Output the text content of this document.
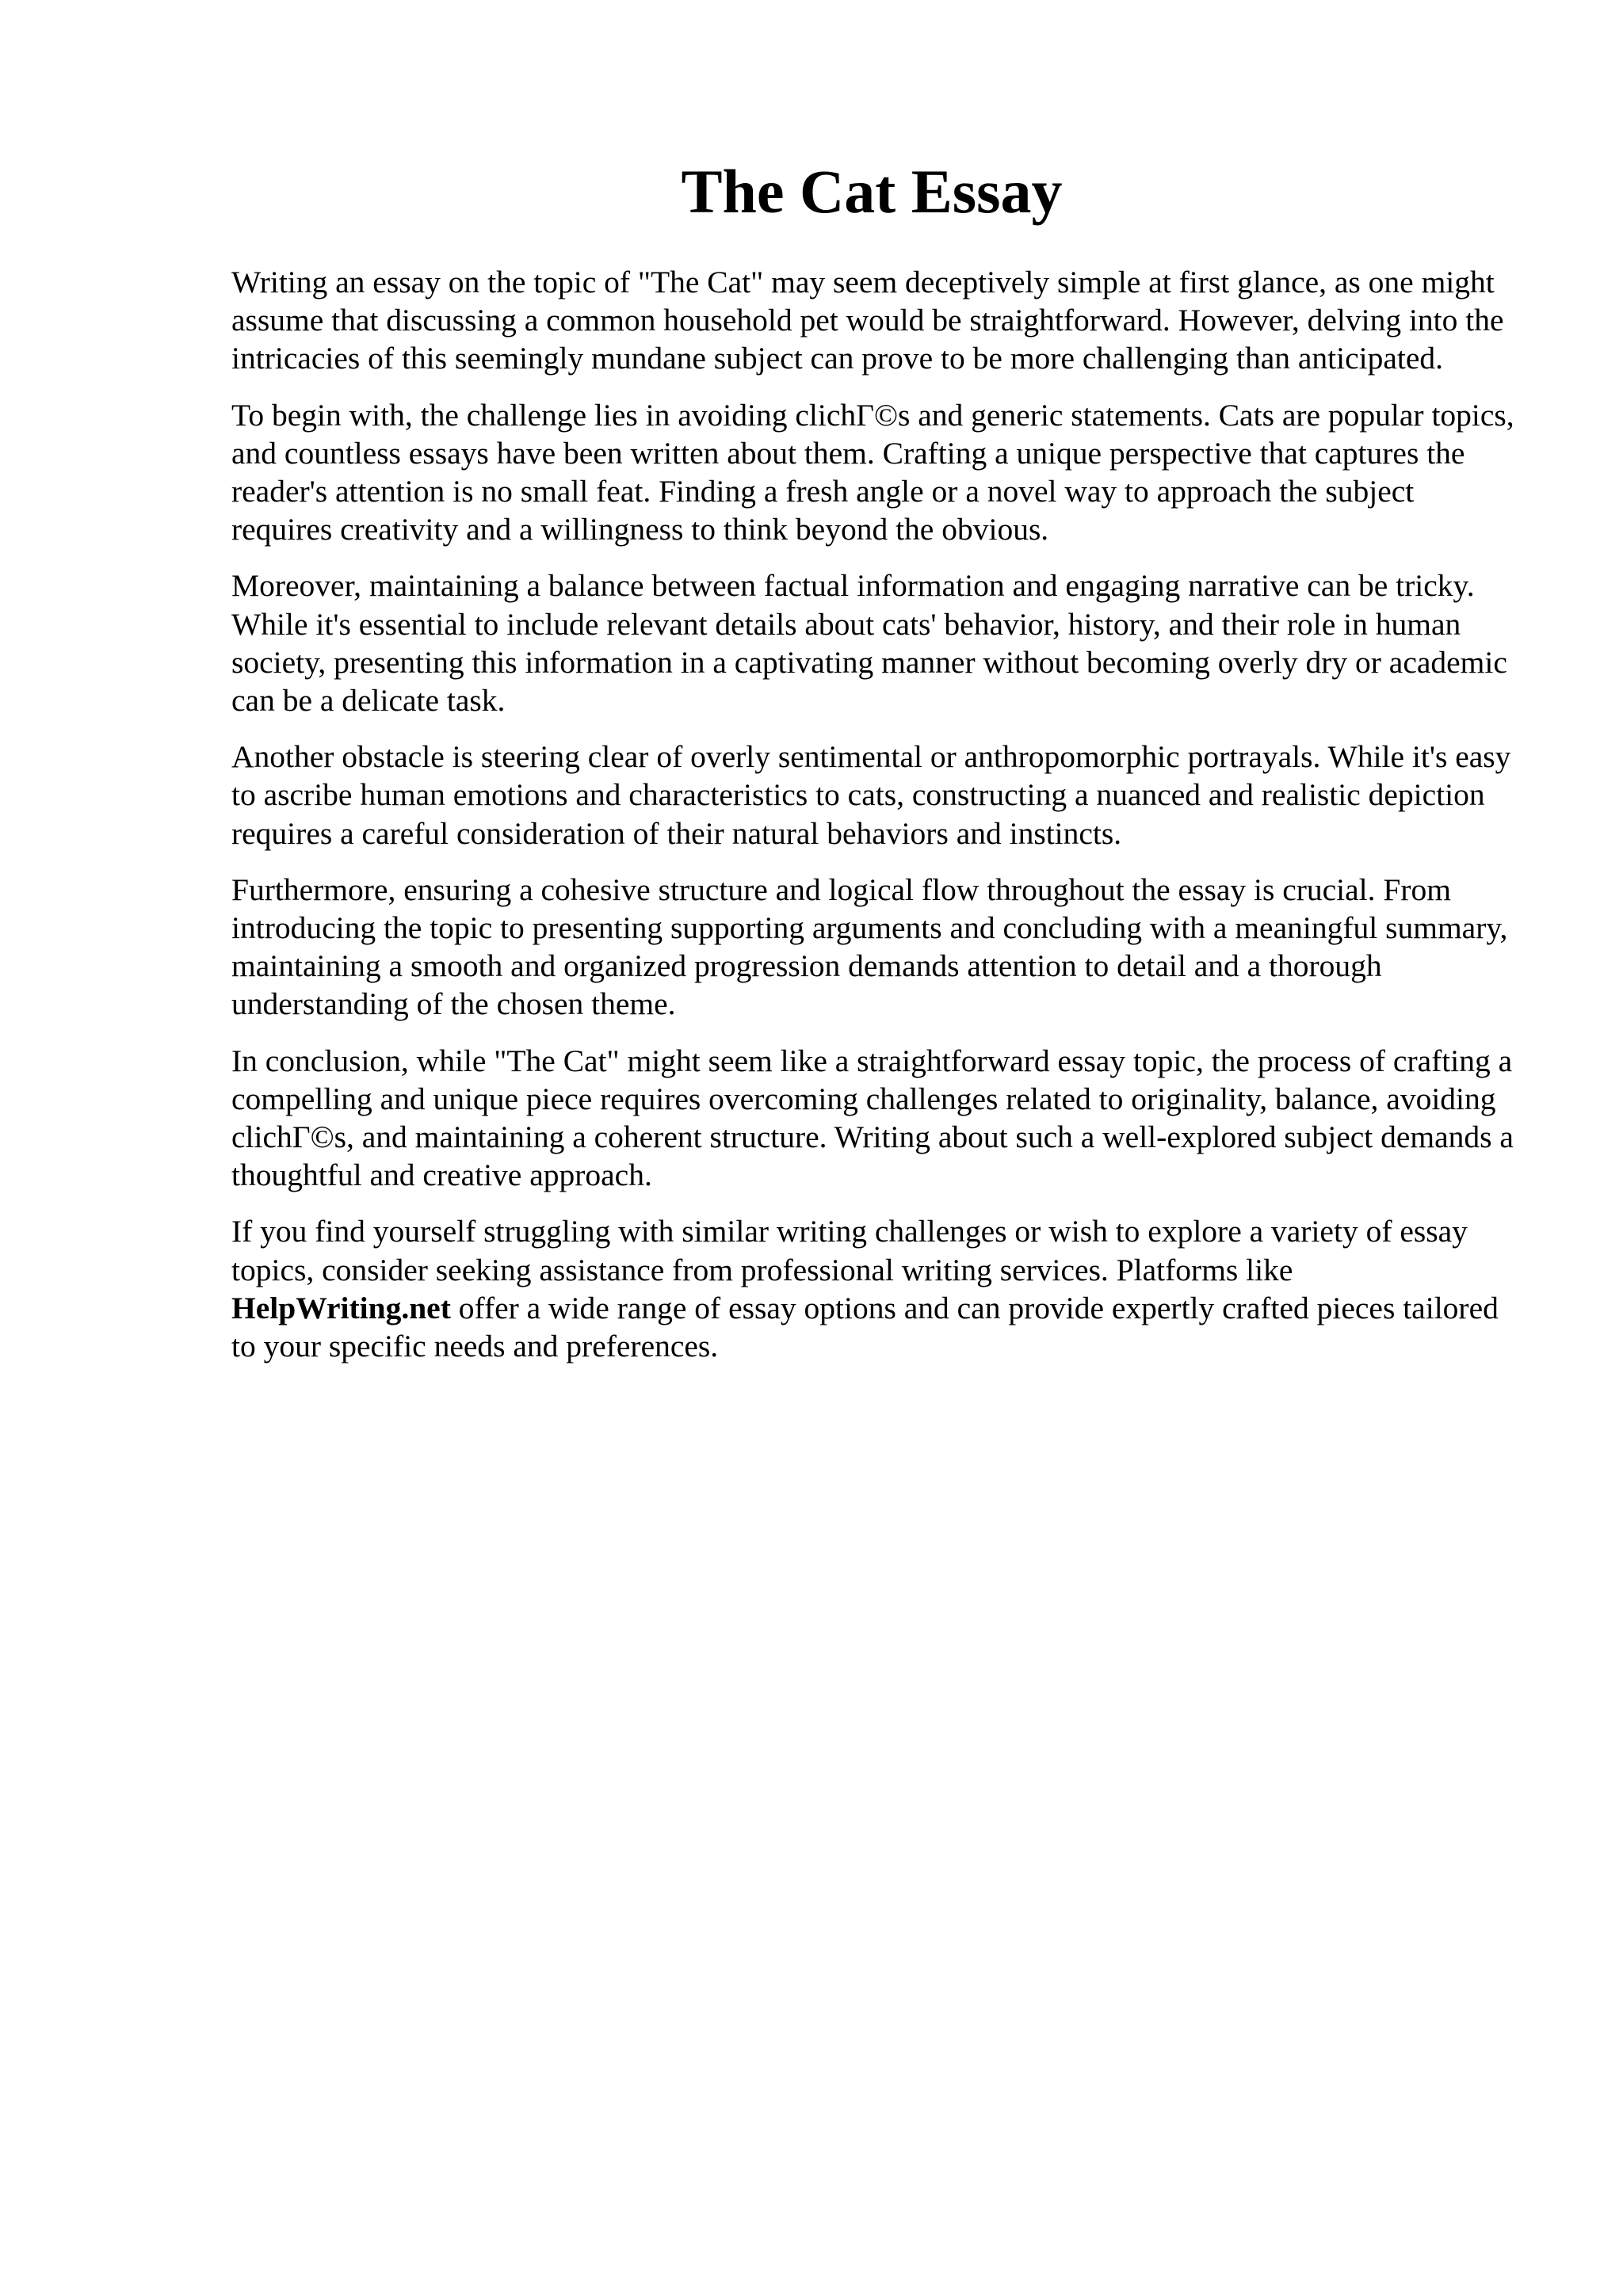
The Cat Essay

Writing an essay on the topic of "The Cat" may seem deceptively simple at first glance, as one might assume that discussing a common household pet would be straightforward. However, delving into the intricacies of this seemingly mundane subject can prove to be more challenging than anticipated.

To begin with, the challenge lies in avoiding clichΓ©s and generic statements. Cats are popular topics, and countless essays have been written about them. Crafting a unique perspective that captures the reader's attention is no small feat. Finding a fresh angle or a novel way to approach the subject requires creativity and a willingness to think beyond the obvious.

Moreover, maintaining a balance between factual information and engaging narrative can be tricky. While it's essential to include relevant details about cats' behavior, history, and their role in human society, presenting this information in a captivating manner without becoming overly dry or academic can be a delicate task.

Another obstacle is steering clear of overly sentimental or anthropomorphic portrayals. While it's easy to ascribe human emotions and characteristics to cats, constructing a nuanced and realistic depiction requires a careful consideration of their natural behaviors and instincts.

Furthermore, ensuring a cohesive structure and logical flow throughout the essay is crucial. From introducing the topic to presenting supporting arguments and concluding with a meaningful summary, maintaining a smooth and organized progression demands attention to detail and a thorough understanding of the chosen theme.

In conclusion, while "The Cat" might seem like a straightforward essay topic, the process of crafting a compelling and unique piece requires overcoming challenges related to originality, balance, avoiding clichΓ©s, and maintaining a coherent structure. Writing about such a well-explored subject demands a thoughtful and creative approach.

If you find yourself struggling with similar writing challenges or wish to explore a variety of essay topics, consider seeking assistance from professional writing services. Platforms like HelpWriting.net offer a wide range of essay options and can provide expertly crafted pieces tailored to your specific needs and preferences.
